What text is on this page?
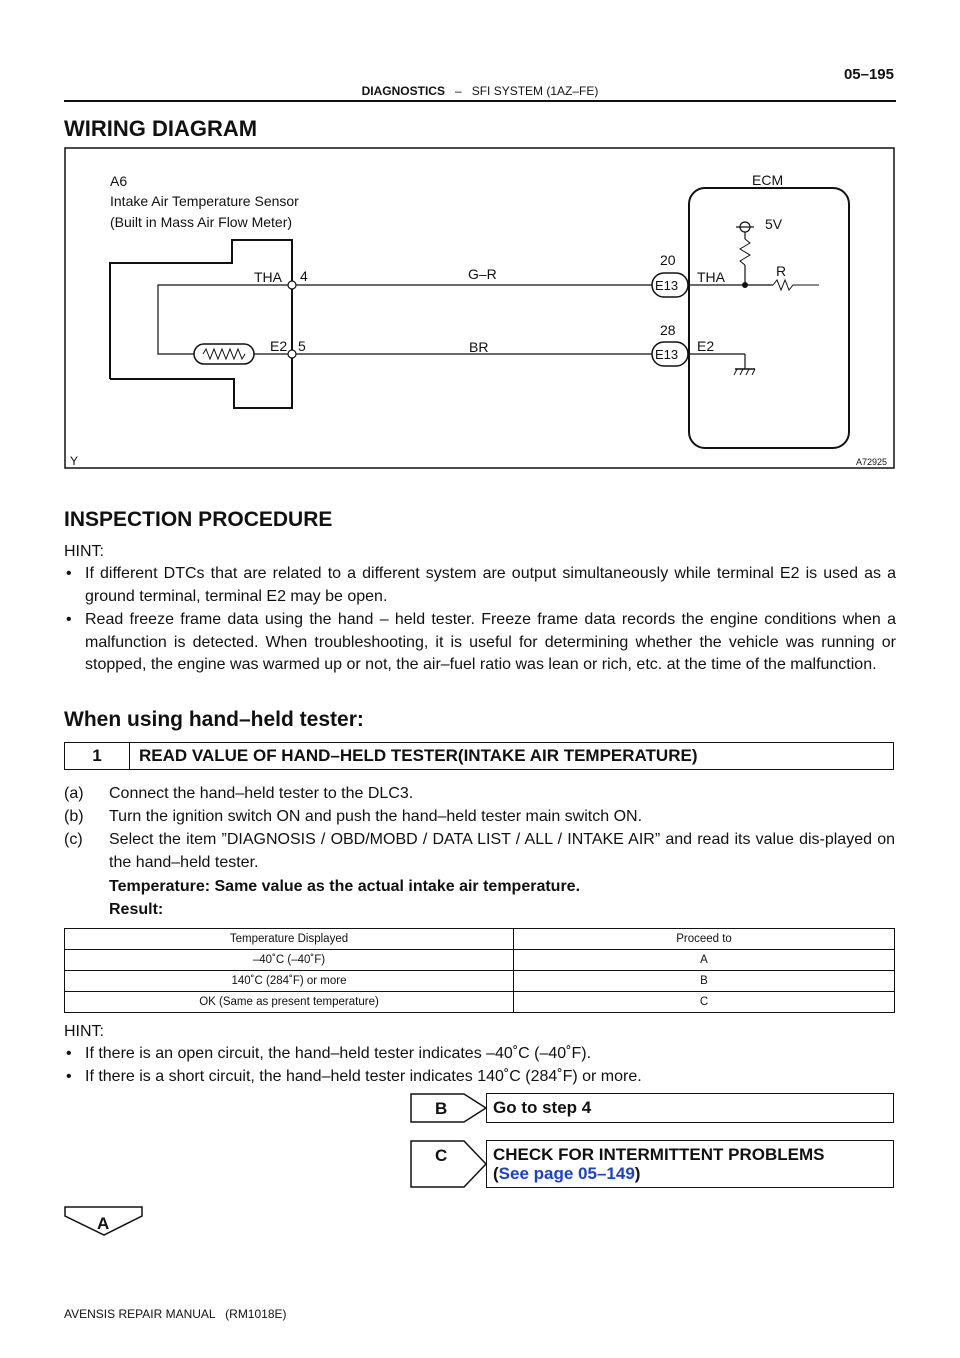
05–195
DIAGNOSTICS – SFI SYSTEM (1AZ–FE)
WIRING DIAGRAM
A6
Intake Air Temperature Sensor
(Built in Mass Air Flow Meter)
ECM
5V
R
THA 4
E2 5
G–R
BR
20
E13
THA
28
E13
E2
Y	A72925
INSPECTION PROCEDURE
HINT:
• If different DTCs that are related to a different system are output simultaneously while terminal E2 is used as a ground terminal, terminal E2 may be open.
• Read freeze frame data using the hand – held tester. Freeze frame data records the engine conditions when a malfunction is detected. When troubleshooting, it is useful for determining whether the vehicle was running or stopped, the engine was warmed up or not, the air–fuel ratio was lean or rich, etc. at the time of the malfunction.
When using hand–held tester:
1	READ VALUE OF HAND–HELD TESTER(INTAKE AIR TEMPERATURE)
(a) Connect the hand–held tester to the DLC3.
(b) Turn the ignition switch ON and push the hand–held tester main switch ON.
(c) Select the item ”DIAGNOSIS / OBD/MOBD / DATA LIST / ALL / INTAKE AIR” and read its value dis-played on the hand–held tester.
Temperature: Same value as the actual intake air temperature.
Result:
Temperature Displayed	Proceed to
–40˚C (–40˚F)	A
140˚C (284˚F) or more	B
OK (Same as present temperature)	C
HINT:
• If there is an open circuit, the hand–held tester indicates –40˚C (–40˚F).
• If there is a short circuit, the hand–held tester indicates 140˚C (284˚F) or more.
B	Go to step 4
C	CHECK FOR INTERMITTENT PROBLEMS
(See page 05–149)
A
AVENSIS REPAIR MANUAL   (RM1018E)
